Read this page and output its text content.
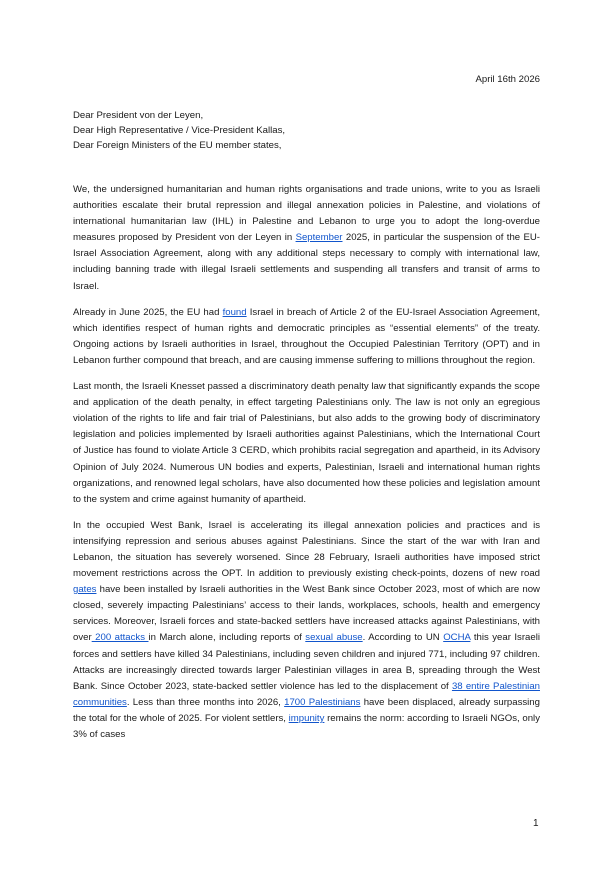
April 16th 2026
Dear President von der Leyen,
Dear High Representative / Vice-President Kallas,
Dear Foreign Ministers of the EU member states,

We, the undersigned humanitarian and human rights organisations and trade unions, write to you as Israeli authorities escalate their brutal repression and illegal annexation policies in Palestine, and violations of international humanitarian law (IHL) in Palestine and Lebanon to urge you to adopt the long-overdue measures proposed by President von der Leyen in September 2025, in particular the suspension of the EU-Israel Association Agreement, along with any additional steps necessary to comply with international law, including banning trade with illegal Israeli settlements and suspending all transfers and transit of arms to Israel.

Already in June 2025, the EU had found Israel in breach of Article 2 of the EU-Israel Association Agreement, which identifies respect of human rights and democratic principles as “essential elements” of the treaty. Ongoing actions by Israeli authorities in Israel, throughout the Occupied Palestinian Territory (OPT) and in Lebanon further compound that breach, and are causing immense suffering to millions throughout the region.

Last month, the Israeli Knesset passed a discriminatory death penalty law that significantly expands the scope and application of the death penalty, in effect targeting Palestinians only. The law is not only an egregious violation of the rights to life and fair trial of Palestinians, but also adds to the growing body of discriminatory legislation and policies implemented by Israeli authorities against Palestinians, which the International Court of Justice has found to violate Article 3 CERD, which prohibits racial segregation and apartheid, in its Advisory Opinion of July 2024. Numerous UN bodies and experts, Palestinian, Israeli and international human rights organizations, and renowned legal scholars, have also documented how these policies and legislation amount to the system and crime against humanity of apartheid.

In the occupied West Bank, Israel is accelerating its illegal annexation policies and practices and is intensifying repression and serious abuses against Palestinians. Since the start of the war with Iran and Lebanon, the situation has severely worsened. Since 28 February, Israeli authorities have imposed strict movement restrictions across the OPT. In addition to previously existing check-points, dozens of new road gates have been installed by Israeli authorities in the West Bank since October 2023, most of which are now closed, severely impacting Palestinians’ access to their lands, workplaces, schools, health and emergency services. Moreover, Israeli forces and state-backed settlers have increased attacks against Palestinians, with over 200 attacks in March alone, including reports of sexual abuse. According to UN OCHA this year Israeli forces and settlers have killed 34 Palestinians, including seven children and injured 771, including 97 children. Attacks are increasingly directed towards larger Palestinian villages in area B, spreading through the West Bank. Since October 2023, state-backed settler violence has led to the displacement of 38 entire Palestinian communities. Less than three months into 2026, 1700 Palestinians have been displaced, already surpassing the total for the whole of 2025. For violent settlers, impunity remains the norm: according to Israeli NGOs, only 3% of cases

1
